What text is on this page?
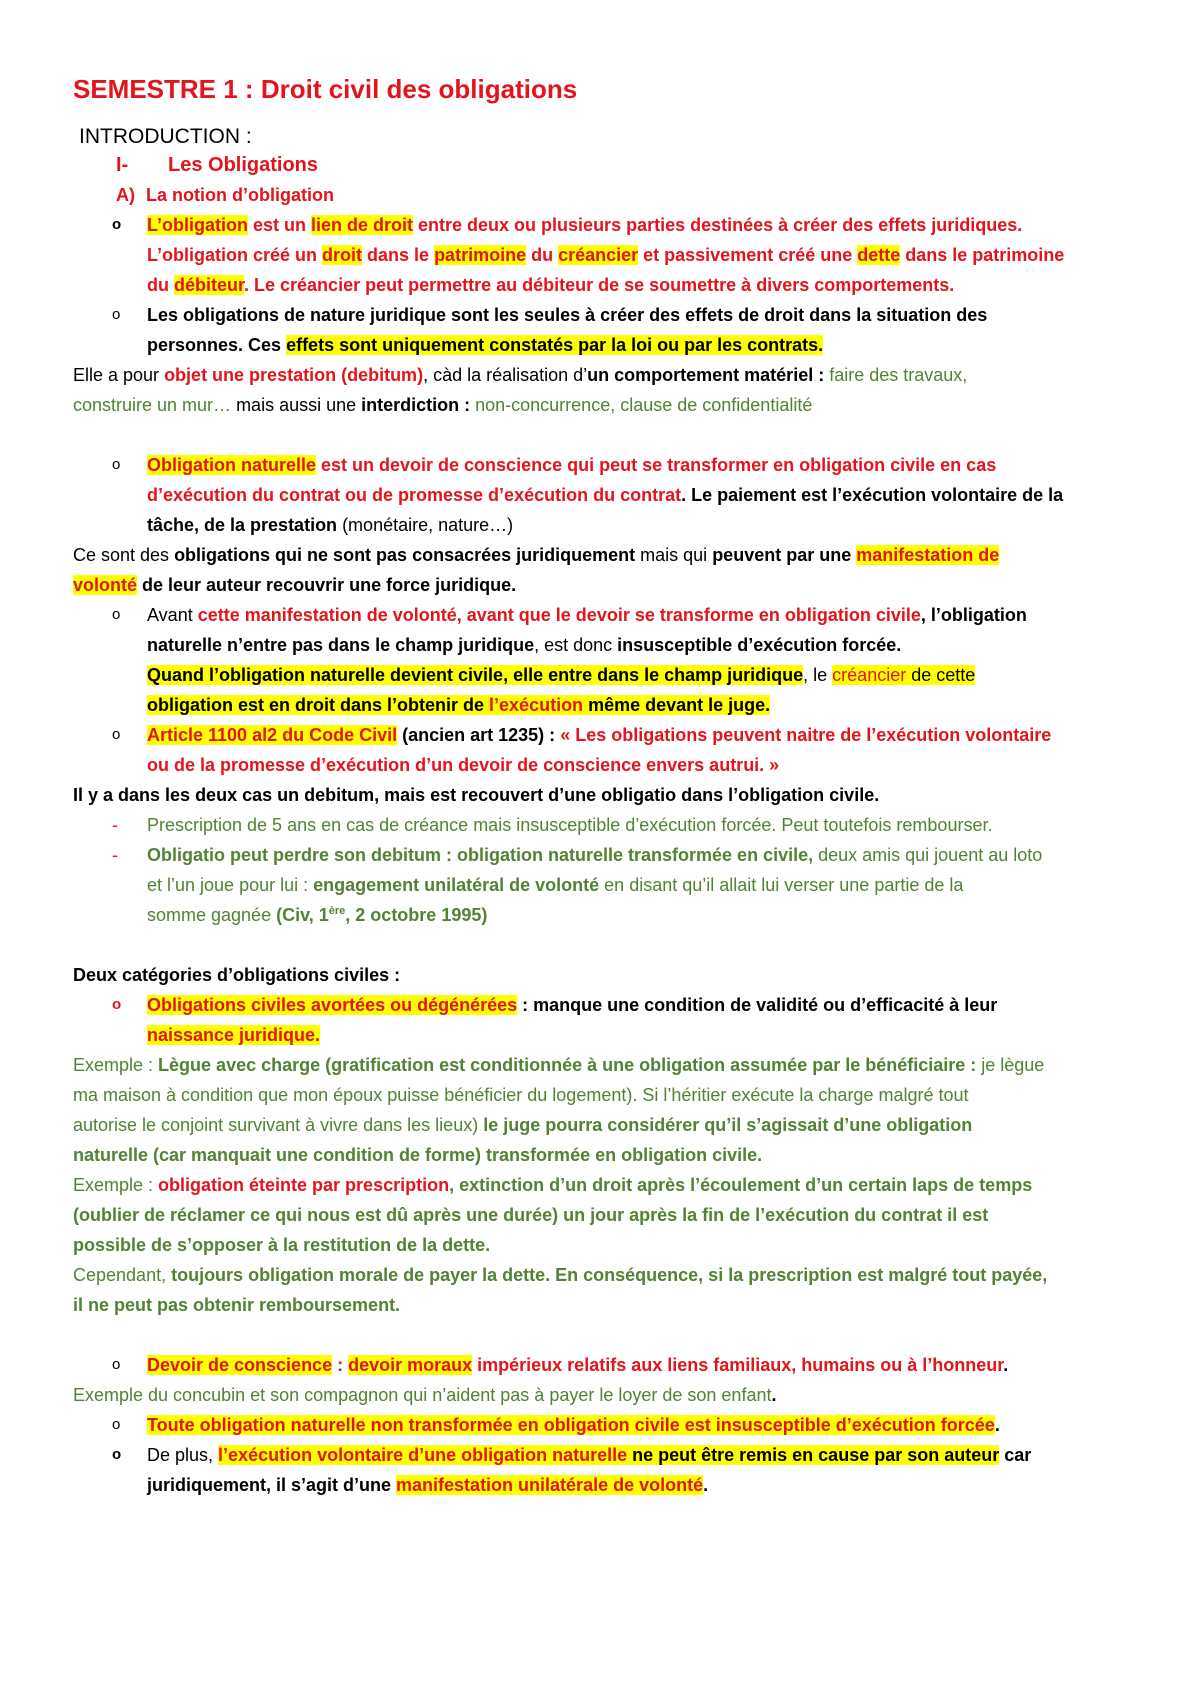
SEMESTRE 1 : Droit civil des obligations
INTRODUCTION :
I- Les Obligations
A) La notion d’obligation
o L’obligation est un lien de droit entre deux ou plusieurs parties destinées à créer des effets juridiques.
L’obligation créé un droit dans le patrimoine du créancier et passivement créé une dette dans le patrimoine
du débiteur. Le créancier peut permettre au débiteur de se soumettre à divers comportements.
o Les obligations de nature juridique sont les seules à créer des effets de droit dans la situation des
personnes. Ces effets sont uniquement constatés par la loi ou par les contrats.
Elle a pour objet une prestation (debitum), càd la réalisation d’un comportement matériel : faire des travaux,
construire un mur… mais aussi une interdiction : non-concurrence, clause de confidentialité
o Obligation naturelle est un devoir de conscience qui peut se transformer en obligation civile en cas
d’exécution du contrat ou de promesse d’exécution du contrat. Le paiement est l’exécution volontaire de la
tâche, de la prestation (monétaire, nature…)
Ce sont des obligations qui ne sont pas consacrées juridiquement mais qui peuvent par une manifestation de
volonté de leur auteur recouvrir une force juridique.
o Avant cette manifestation de volonté, avant que le devoir se transforme en obligation civile, l’obligation
naturelle n’entre pas dans le champ juridique, est donc insusceptible d’exécution forcée.
Quand l’obligation naturelle devient civile, elle entre dans le champ juridique, le créancier de cette
obligation est en droit dans l’obtenir de l’exécution même devant le juge.
o Article 1100 al2 du Code Civil (ancien art 1235) : « Les obligations peuvent naitre de l’exécution volontaire
ou de la promesse d’exécution d’un devoir de conscience envers autrui. »
Il y a dans les deux cas un debitum, mais est recouvert d’une obligatio dans l’obligation civile.
- Prescription de 5 ans en cas de créance mais insusceptible d’exécution forcée. Peut toutefois rembourser.
- Obligatio peut perdre son debitum : obligation naturelle transformée en civile, deux amis qui jouent au loto
et l’un joue pour lui : engagement unilatéral de volonté en disant qu’il allait lui verser une partie de la
somme gagnée (Civ, 1ère, 2 octobre 1995)
Deux catégories d’obligations civiles :
o Obligations civiles avortées ou dégénérées : manque une condition de validité ou d’efficacité à leur
naissance juridique.
Exemple : Lègue avec charge (gratification est conditionnée à une obligation assumée par le bénéficiaire : je lègue
ma maison à condition que mon époux puisse bénéficier du logement). Si l’héritier exécute la charge malgré tout
autorise le conjoint survivant à vivre dans les lieux) le juge pourra considérer qu’il s’agissait d’une obligation
naturelle (car manquait une condition de forme) transformée en obligation civile.
Exemple : obligation éteinte par prescription, extinction d’un droit après l’écoulement d’un certain laps de temps
(oublier de réclamer ce qui nous est dû après une durée) un jour après la fin de l’exécution du contrat il est
possible de s’opposer à la restitution de la dette.
Cependant, toujours obligation morale de payer la dette. En conséquence, si la prescription est malgré tout payée,
il ne peut pas obtenir remboursement.
o Devoir de conscience : devoir moraux impérieux relatifs aux liens familiaux, humains ou à l’honneur.
Exemple du concubin et son compagnon qui n’aident pas à payer le loyer de son enfant.
o Toute obligation naturelle non transformée en obligation civile est insusceptible d’exécution forcée.
o De plus, l’exécution volontaire d’une obligation naturelle ne peut être remis en cause par son auteur car
juridiquement, il s’agit d’une manifestation unilatérale de volonté.
